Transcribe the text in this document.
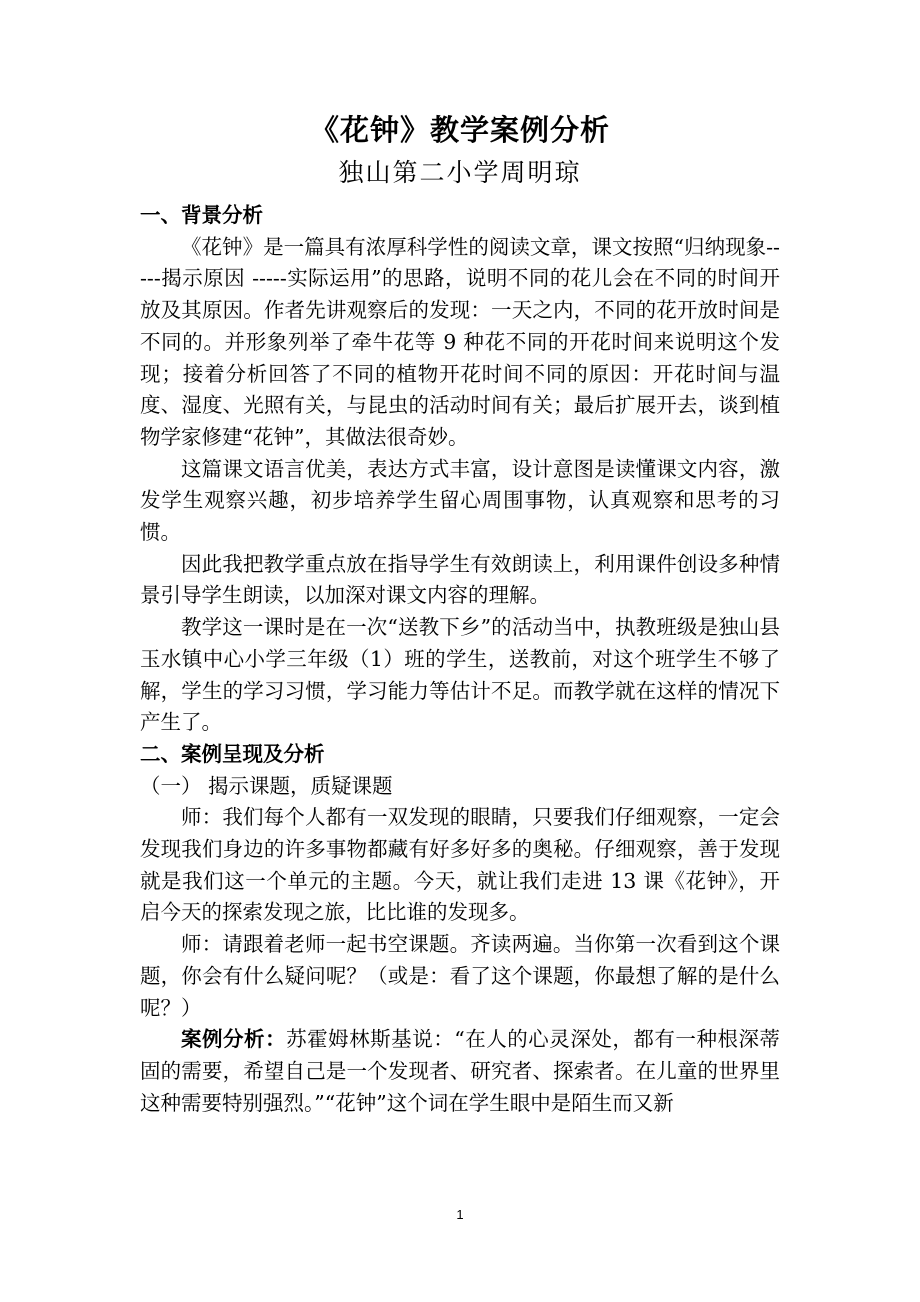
《花钟》教学案例分析
独山第二小学周明琼

一、背景分析

《花钟》是一篇具有浓厚科学性的阅读文章，课文按照“归纳现象-----揭示原因 -----实际运用”的思路，说明不同的花儿会在不同的时间开放及其原因。作者先讲观察后的发现：一天之内，不同的花开放时间是不同的。并形象列举了牵牛花等 9 种花不同的开花时间来说明这个发现；接着分析回答了不同的植物开花时间不同的原因：开花时间与温度、湿度、光照有关，与昆虫的活动时间有关；最后扩展开去，谈到植物学家修建“花钟”，其做法很奇妙。

这篇课文语言优美，表达方式丰富，设计意图是读懂课文内容，激发学生观察兴趣，初步培养学生留心周围事物，认真观察和思考的习惯。

因此我把教学重点放在指导学生有效朗读上，利用课件创设多种情景引导学生朗读，以加深对课文内容的理解。

教学这一课时是在一次“送教下乡”的活动当中，执教班级是独山县玉水镇中心小学三年级（1）班的学生，送教前，对这个班学生不够了解，学生的学习习惯，学习能力等估计不足。而教学就在这样的情况下产生了。

二、案例呈现及分析

（一） 揭示课题，质疑课题

师：我们每个人都有一双发现的眼睛，只要我们仔细观察，一定会发现我们身边的许多事物都藏有好多好多的奥秘。仔细观察，善于发现就是我们这一个单元的主题。今天，就让我们走进 13 课《花钟》，开启今天的探索发现之旅，比比谁的发现多。

师：请跟着老师一起书空课题。齐读两遍。当你第一次看到这个课题，你会有什么疑问呢？（或是：看了这个课题，你最想了解的是什么呢？）

案例分析：苏霍姆林斯基说：“在人的心灵深处，都有一种根深蒂固的需要，希望自己是一个发现者、研究者、探索者。在儿童的世界里这种需要特别强烈。”“花钟”这个词在学生眼中是陌生而又新

1
